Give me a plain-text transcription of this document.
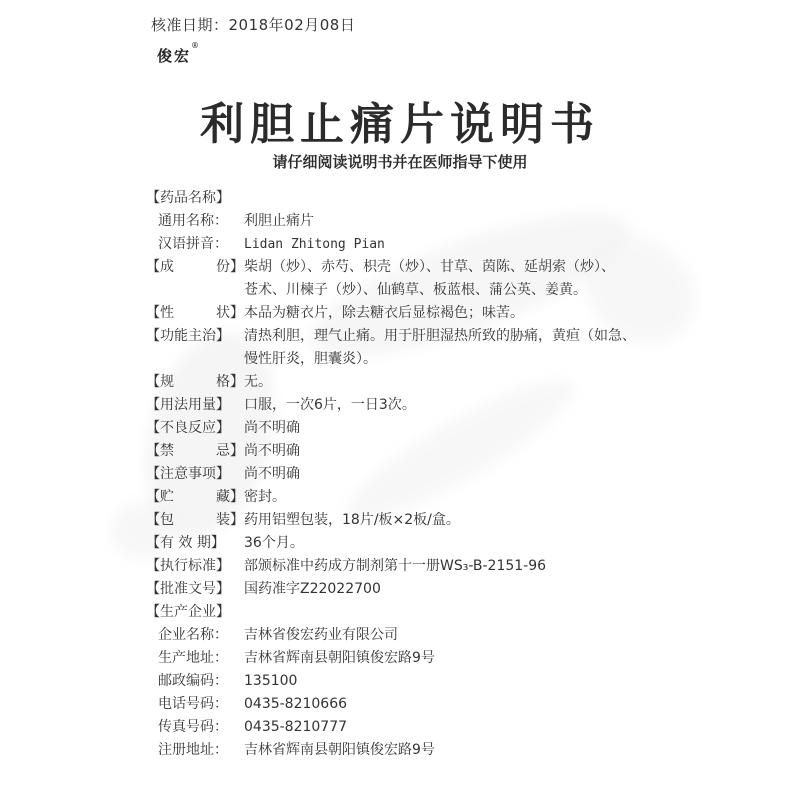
核准日期：2018年02月08日
俊宏®
利胆止痛片说明书
请仔细阅读说明书并在医师指导下使用
【药品名称】
通用名称：	利胆止痛片
汉语拼音：	Lidan Zhitong Pian
【成	份】 柴胡（炒）、赤芍、枳壳（炒）、甘草、茵陈、延胡索（炒）、
苍术、川楝子（炒）、仙鹤草、板蓝根、蒲公英、姜黄。
【性	状】 本品为糖衣片，除去糖衣后显棕褐色；味苦。
【功能主治】	清热利胆，理气止痛。用于肝胆湿热所致的胁痛，黄疸（如急、
慢性肝炎，胆囊炎）。
【规	格】 无。
【用法用量】	口服，一次6片，一日3次。
【不良反应】	尚不明确
【禁	忌】 尚不明确
【注意事项】	尚不明确
【贮	藏】 密封。
【包	装】 药用铝塑包装，18片/板×2板/盒。
【有 效 期】	36个月。
【执行标准】	部颁标准中药成方制剂第十一册WS₃-B-2151-96
【批准文号】	国药准字Z22022700
【生产企业】
企业名称：	吉林省俊宏药业有限公司
生产地址：	吉林省辉南县朝阳镇俊宏路9号
邮政编码：	135100
电话号码：	0435-8210666
传真号码：	0435-8210777
注册地址：	吉林省辉南县朝阳镇俊宏路9号
